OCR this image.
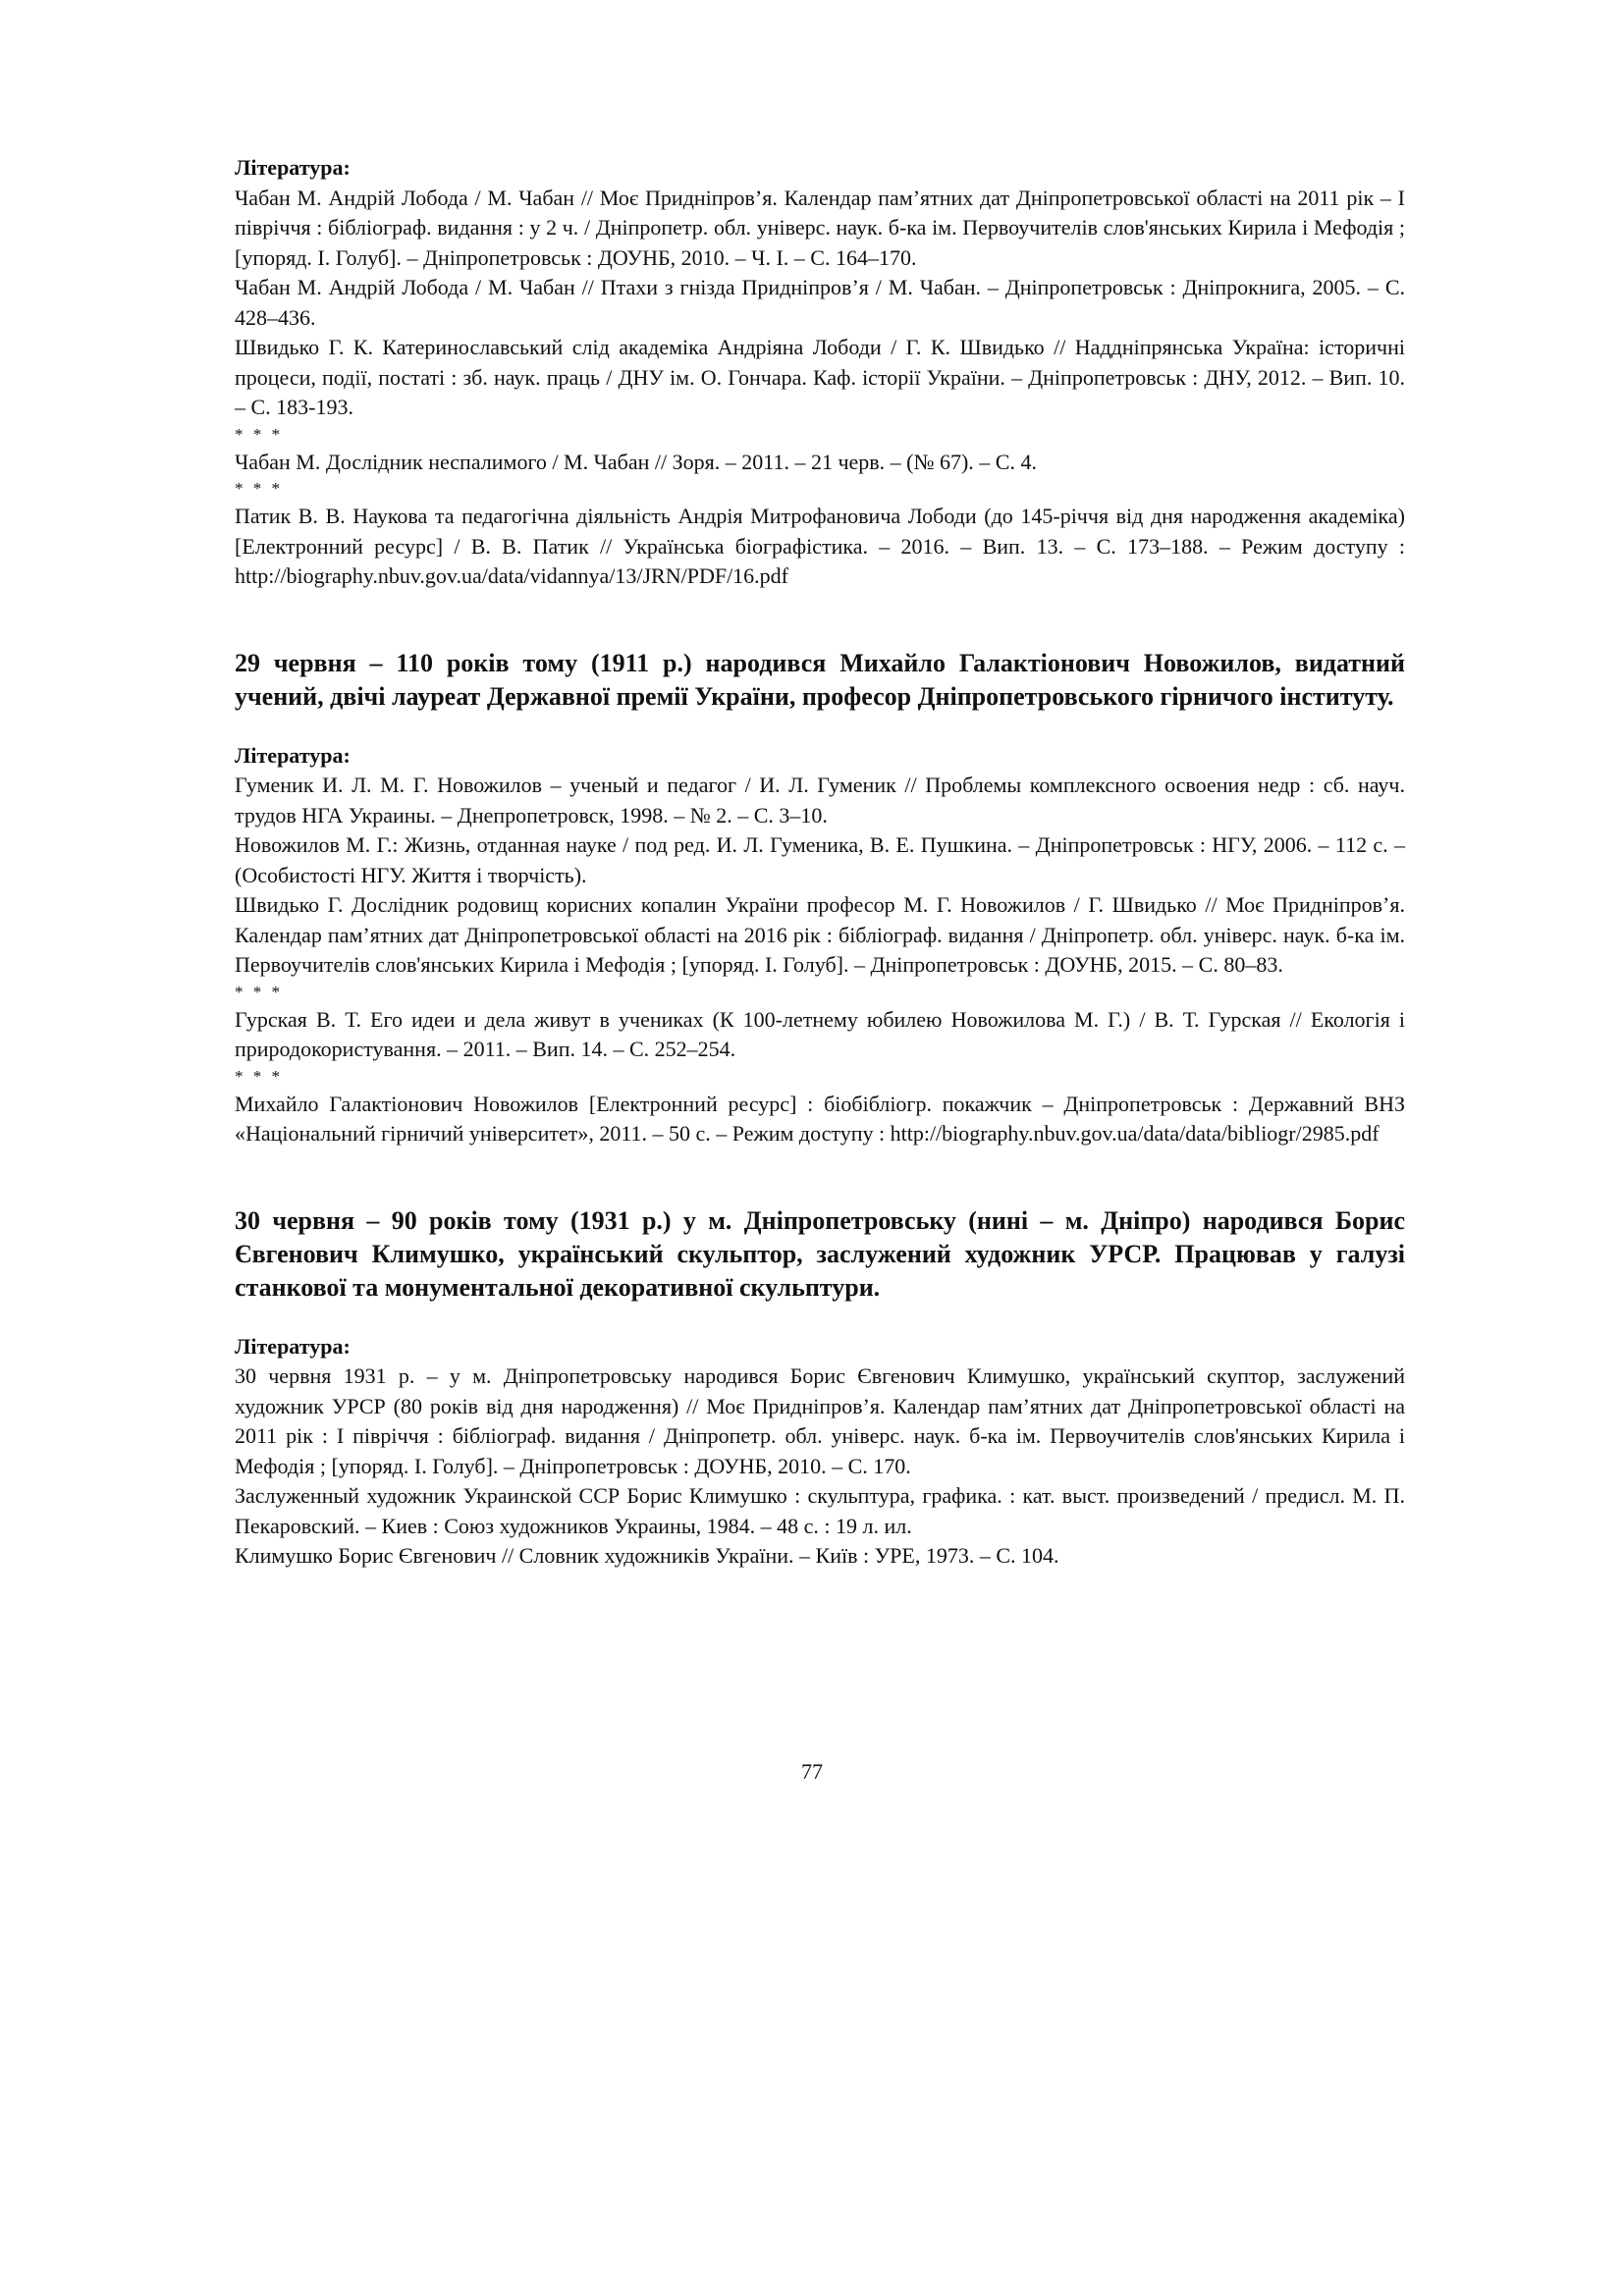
Література:

Чабан М. Андрій Лобода / М. Чабан // Моє Придніпров’я. Календар пам’ятних дат Дніпропетровської області на 2011 рік – І півріччя : бібліограф. видання : у 2 ч. / Дніпропетр. обл. універс. наук. б-ка ім. Первоучителів слов'янських Кирила і Мефодія ; [упоряд. І. Голуб]. – Дніпропетровськ : ДОУНБ, 2010. – Ч. І. – С. 164–170.

Чабан М. Андрій Лобода / М. Чабан // Птахи з гнізда Придніпров’я / М. Чабан. – Дніпропетровськ : Дніпрокнига, 2005. – С. 428–436.

Швидько Г. К. Катеринославський слід академіка Андріяна Лободи / Г. К. Швидько // Наддніпрянська Україна: історичні процеси, події, постаті : зб. наук. праць / ДНУ ім. О. Гончара. Каф. історії України. – Дніпропетровськ : ДНУ, 2012. – Вип. 10. – С. 183-193.

* * *

Чабан М. Дослідник неспалимого / М. Чабан // Зоря. – 2011. – 21 черв. – (№ 67). – С. 4.

* * *

Патик В. В. Наукова та педагогічна діяльність Андрія Митрофановича Лободи (до 145-річчя від дня народження академіка) [Електронний ресурс] / В. В. Патик // Українська біографістика. – 2016. – Вип. 13. – С. 173–188. – Режим доступу : http://biography.nbuv.gov.ua/data/vidannya/13/JRN/PDF/16.pdf

29 червня – 110 років тому (1911 р.) народився Михайло Галактіонович Новожилов, видатний учений, двічі лауреат Державної премії України, професор Дніпропетровського гірничого інституту.

Література:

Гуменик И. Л. М. Г. Новожилов – ученый и педагог / И. Л. Гуменик // Проблемы комплексного освоения недр : сб. науч. трудов НГА Украины. – Днепропетровск, 1998. – № 2. – С. 3–10.

Новожилов М. Г.: Жизнь, отданная науке / под ред. И. Л. Гуменика, В. Е. Пушкина. – Дніпропетровськ : НГУ, 2006. – 112 с. – (Особистості НГУ. Життя і творчість).

Швидько Г. Дослідник родовищ корисних копалин України професор М. Г. Новожилов / Г. Швидько // Моє Придніпров’я. Календар пам’ятних дат Дніпропетровської області на 2016 рік : бібліограф. видання / Дніпропетр. обл. універс. наук. б-ка ім. Первоучителів слов'янських Кирила і Мефодія ; [упоряд. І. Голуб]. – Дніпропетровськ : ДОУНБ, 2015. – С. 80–83.

* * *

Гурская В. Т. Его идеи и дела живут в учениках (К 100-летнему юбилею Новожилова М. Г.) / В. Т. Гурская // Екологія і природокористування. – 2011. – Вип. 14. – С. 252–254.

* * *

Михайло Галактіонович Новожилов [Електронний ресурс] : біобібліогр. покажчик – Дніпропетровськ : Державний ВНЗ «Національний гірничий університет», 2011. – 50 с. – Режим доступу : http://biography.nbuv.gov.ua/data/data/bibliogr/2985.pdf

30 червня – 90 років тому (1931 р.) у м. Дніпропетровську (нині – м. Дніпро) народився Борис Євгенович Климушко, український скульптор, заслужений художник УРСР. Працював у галузі станкової та монументальної декоративної скульптури.

Література:

30 червня 1931 р. – у м. Дніпропетровську народився Борис Євгенович Климушко, український скуптор, заслужений художник УРСР (80 років від дня народження) // Моє Придніпров’я. Календар пам’ятних дат Дніпропетровської області на 2011 рік : І півріччя : бібліограф. видання / Дніпропетр. обл. універс. наук. б-ка ім. Первоучителів слов'янських Кирила і Мефодія ; [упоряд. І. Голуб]. – Дніпропетровськ : ДОУНБ, 2010. – С. 170.

Заслуженный художник Украинской ССР Борис Климушко : скульптура, графика. : кат. выст. произведений / предисл. М. П. Пекаровский. – Киев : Союз художников Украины, 1984. – 48 с. : 19 л. ил.

Климушко Борис Євгенович // Словник художників України. – Київ : УРЕ, 1973. – С. 104.

77
